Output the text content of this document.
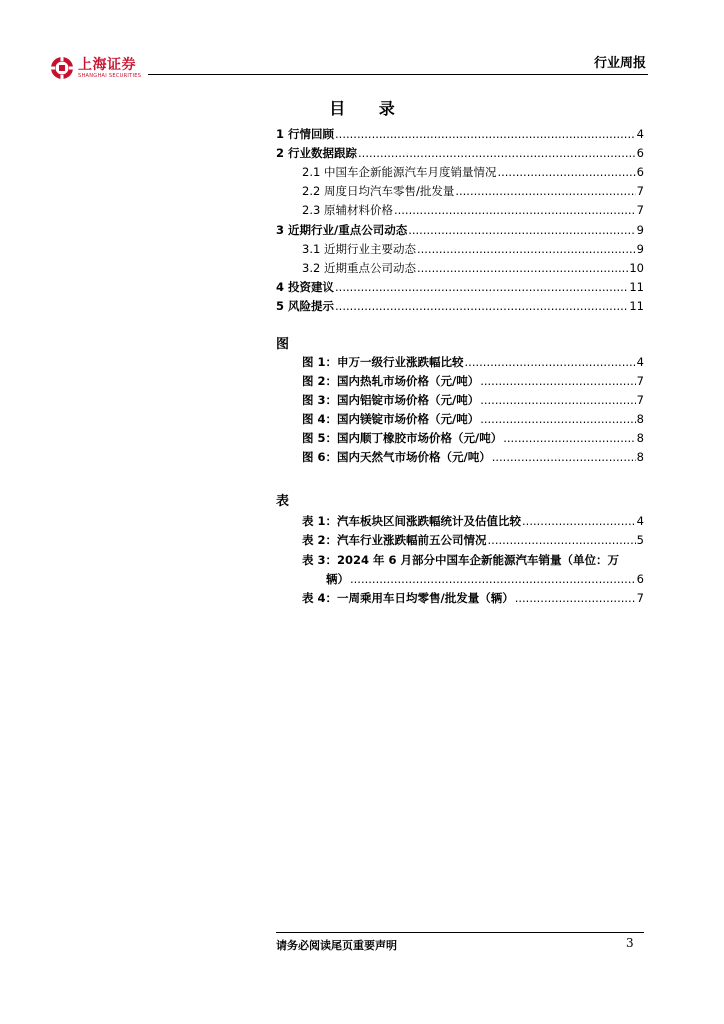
上海证券
SHANGHAI SECURITIES
行业周报
目 录
1 行情回顾 .....	4
2 行业数据跟踪 .....	6
2.1 中国车企新能源汽车月度销量情况 .....	6
2.2 周度日均汽车零售/批发量 .....	7
2.3 原辅材料价格 .....	7
3 近期行业/重点公司动态 .....	9
3.1 近期行业主要动态 .....	9
3.2 近期重点公司动态 .....	10
4 投资建议 .....	11
5 风险提示 .....	11
图
图 1：申万一级行业涨跌幅比较 .....	4
图 2：国内热轧市场价格（元/吨） .....	7
图 3：国内铝锭市场价格（元/吨） .....	7
图 4：国内镁锭市场价格（元/吨） .....	8
图 5：国内顺丁橡胶市场价格（元/吨） .....	8
图 6：国内天然气市场价格（元/吨） .....	8
表
表 1：汽车板块区间涨跌幅统计及估值比较 .....	4
表 2：汽车行业涨跌幅前五公司情况 .....	5
表 3：2024 年 6 月部分中国车企新能源汽车销量（单位：万
辆） .....	6
表 4：一周乘用车日均零售/批发量（辆） .....	7
请务必阅读尾页重要声明	3
